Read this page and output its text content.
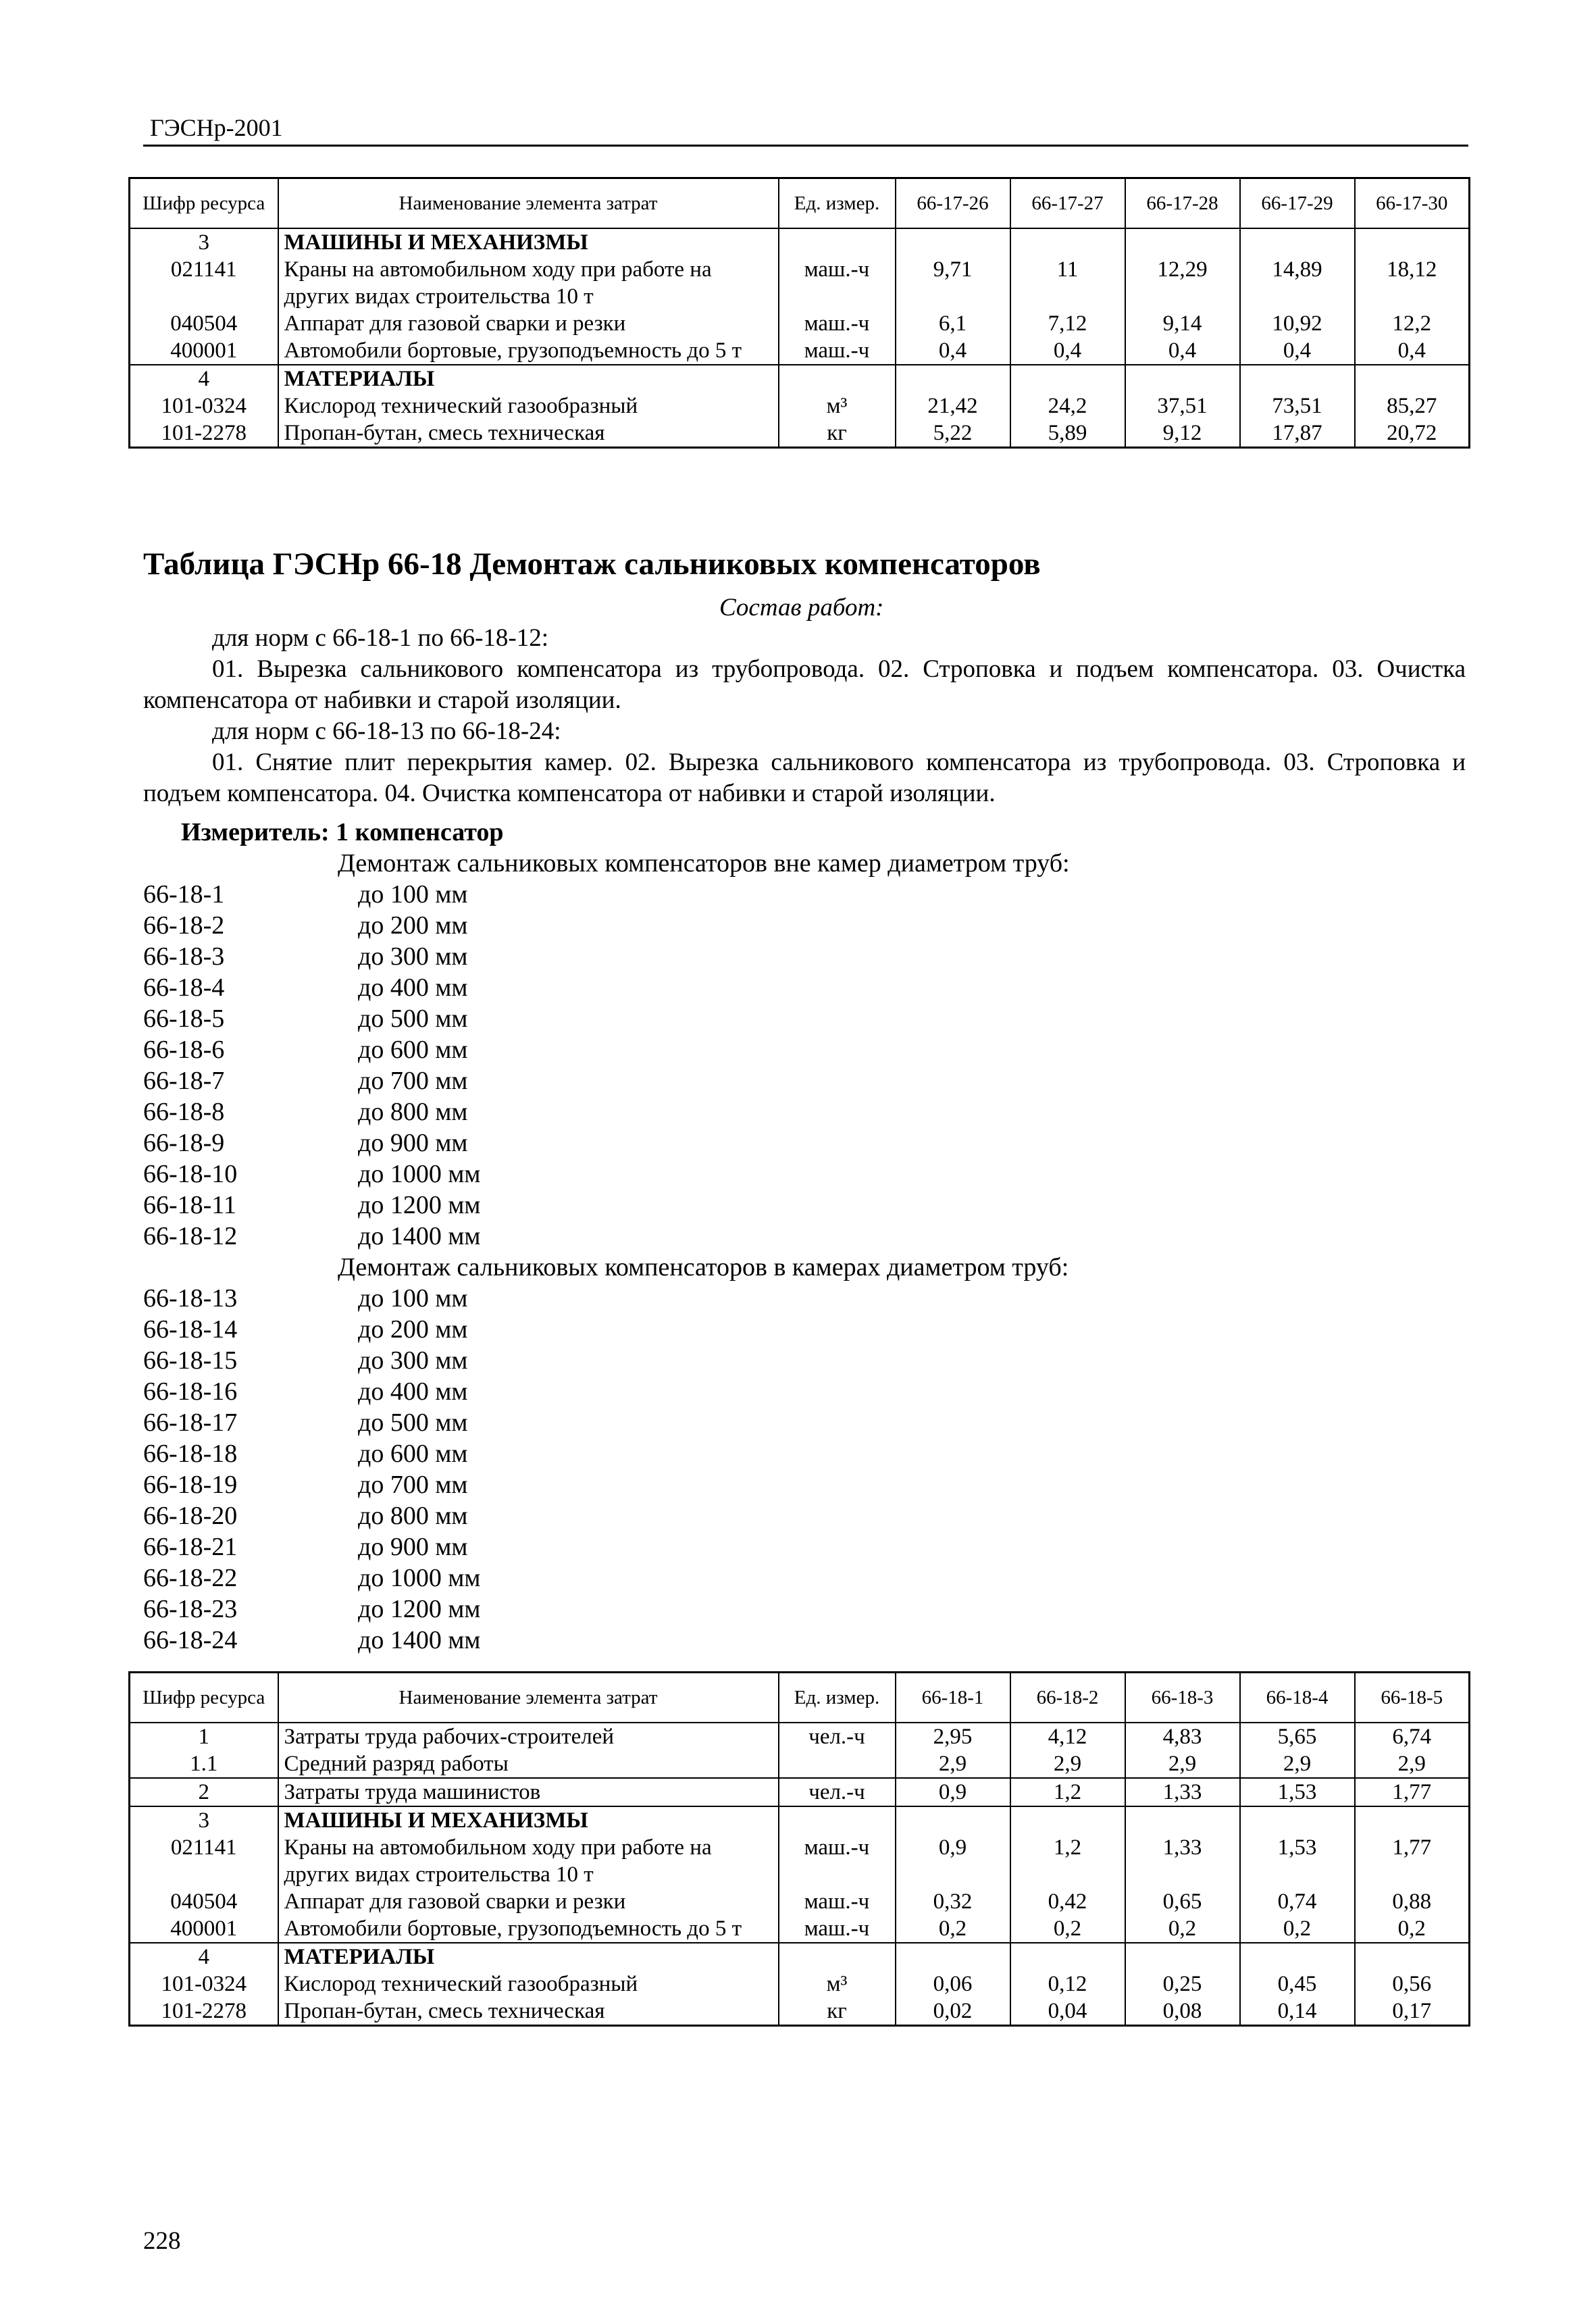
ГЭСНр-2001
Шифр ресурса	Наименование элемента затрат	Ед. измер.	66-17-26	66-17-27	66-17-28	66-17-29	66-17-30
3	МАШИНЫ И МЕХАНИЗМЫ						
021141	Краны на автомобильном ходу при работе на других видах строительства 10 т	маш.-ч	9,71	11	12,29	14,89	18,12
040504	Аппарат для газовой сварки и резки	маш.-ч	6,1	7,12	9,14	10,92	12,2
400001	Автомобили бортовые, грузоподъемность до 5 т	маш.-ч	0,4	0,4	0,4	0,4	0,4
4	МАТЕРИАЛЫ						
101-0324	Кислород технический газообразный	м³	21,42	24,2	37,51	73,51	85,27
101-2278	Пропан-бутан, смесь техническая	кг	5,22	5,89	9,12	17,87	20,72
Таблица ГЭСНр 66-18 Демонтаж сальниковых компенсаторов
Состав работ:
для норм с 66-18-1 по 66-18-12:
01. Вырезка сальникового компенсатора из трубопровода. 02. Строповка и подъем компенсатора. 03. Очистка компенсатора от набивки и старой изоляции.
для норм с 66-18-13 по 66-18-24:
01. Снятие плит перекрытия камер. 02. Вырезка сальникового компенсатора из трубопровода. 03. Строповка и подъем компенсатора. 04. Очистка компенсатора от набивки и старой изоляции.
Измеритель: 1 компенсатор
Демонтаж сальниковых компенсаторов вне камер диаметром труб:
66-18-1	до 100 мм
66-18-2	до 200 мм
66-18-3	до 300 мм
66-18-4	до 400 мм
66-18-5	до 500 мм
66-18-6	до 600 мм
66-18-7	до 700 мм
66-18-8	до 800 мм
66-18-9	до 900 мм
66-18-10	до 1000 мм
66-18-11	до 1200 мм
66-18-12	до 1400 мм
Демонтаж сальниковых компенсаторов в камерах диаметром труб:
66-18-13	до 100 мм
66-18-14	до 200 мм
66-18-15	до 300 мм
66-18-16	до 400 мм
66-18-17	до 500 мм
66-18-18	до 600 мм
66-18-19	до 700 мм
66-18-20	до 800 мм
66-18-21	до 900 мм
66-18-22	до 1000 мм
66-18-23	до 1200 мм
66-18-24	до 1400 мм
Шифр ресурса	Наименование элемента затрат	Ед. измер.	66-18-1	66-18-2	66-18-3	66-18-4	66-18-5
1	Затраты труда рабочих-строителей	чел.-ч	2,95	4,12	4,83	5,65	6,74
1.1	Средний разряд работы		2,9	2,9	2,9	2,9	2,9
2	Затраты труда машинистов	чел.-ч	0,9	1,2	1,33	1,53	1,77
3	МАШИНЫ И МЕХАНИЗМЫ						
021141	Краны на автомобильном ходу при работе на других видах строительства 10 т	маш.-ч	0,9	1,2	1,33	1,53	1,77
040504	Аппарат для газовой сварки и резки	маш.-ч	0,32	0,42	0,65	0,74	0,88
400001	Автомобили бортовые, грузоподъемность до 5 т	маш.-ч	0,2	0,2	0,2	0,2	0,2
4	МАТЕРИАЛЫ						
101-0324	Кислород технический газообразный	м³	0,06	0,12	0,25	0,45	0,56
101-2278	Пропан-бутан, смесь техническая	кг	0,02	0,04	0,08	0,14	0,17
228
